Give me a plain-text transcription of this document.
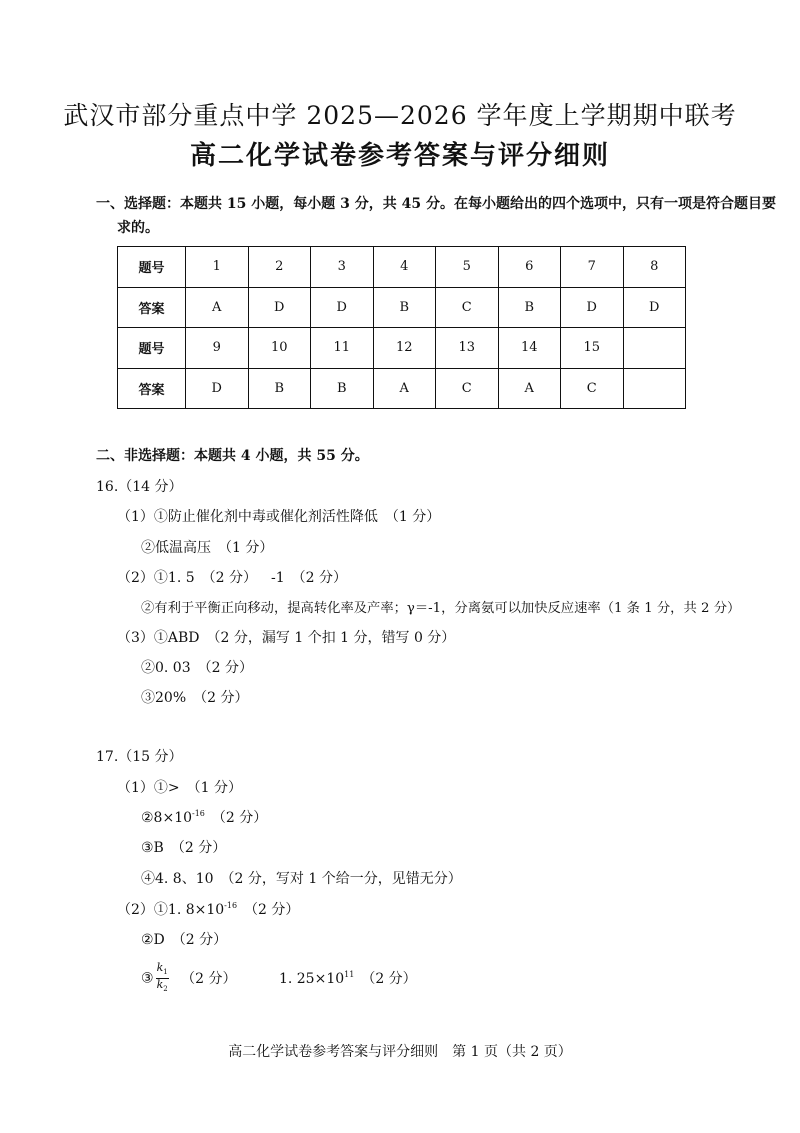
武汉市部分重点中学 2025—2026 学年度上学期期中联考
高二化学试卷参考答案与评分细则
一、选择题：本题共 15 小题，每小题 3 分，共 45 分。在每小题给出的四个选项中，只有一项是符合题目要
求的。
题号	1	2	3	4	5	6	7	8
答案	A	D	D	B	C	B	D	D
题号	9	10	11	12	13	14	15	
答案	D	B	B	A	C	A	C	
二、非选择题：本题共 4 小题，共 55 分。
16.（14 分）
（1）①防止催化剂中毒或催化剂活性降低　（1 分）
②低温高压　（1 分）
（2）①1. 5　（2 分） -1　（2 分）
②有利于平衡正向移动，提高转化率及产率；γ＝-1，分离氨可以加快反应速率（1 条 1 分，共 2 分）
（3）①ABD　（2 分，漏写 1 个扣 1 分，错写 0 分）
②0. 03　（2 分）
③20%　（2 分）
17.（15 分）
（1）①>　（1 分）
$②8\times 10^{-16}$　（2 分）
③B　（2 分）
④4. 8、10　（2 分，写对 1 个给一分，见错无分）
（2）①1. $8\times 10^{-16}$　（2 分）
②D　（2 分）
③ $\frac{k_1}{k_2} (2$ 分）	1. $25\times 10^{11}$　（2 分）
高二化学试卷参考答案与评分细则　第 1 页（共 2 页）
